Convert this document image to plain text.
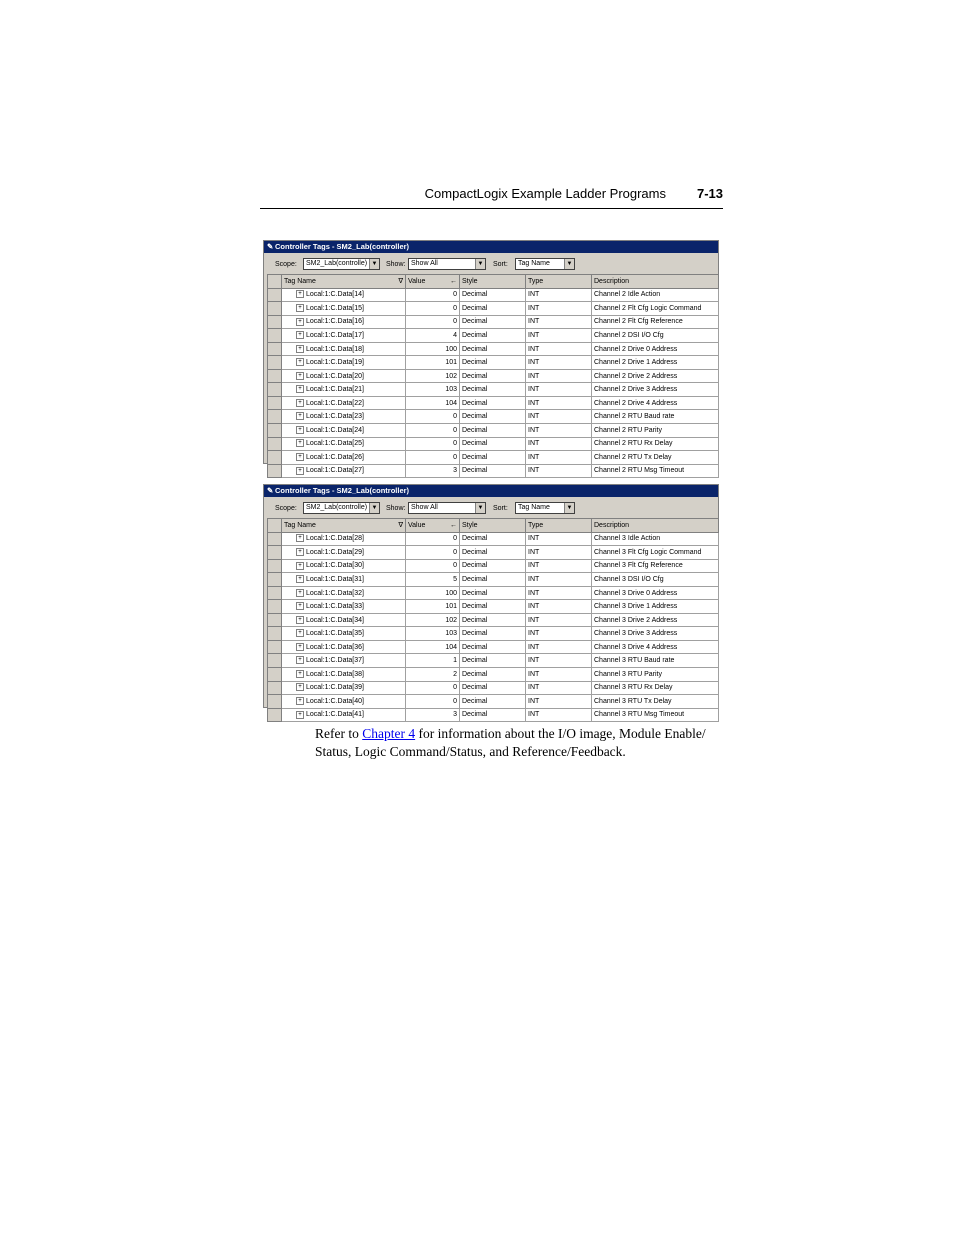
CompactLogix Example Ladder Programs 7-13
✎ Controller Tags - SM2_Lab(controller)
Scope:	SM2_Lab(controlle) ▼ Show: Show All	▼ Sort:	Tag Name	▼
	Tag Name ∇	Value ←	Style	Type	Description
	+ Local:1:C.Data[14]	0	Decimal	INT	Channel 2 Idle Action
	+ Local:1:C.Data[15]	0	Decimal	INT	Channel 2 Flt Cfg Logic Command
	+ Local:1:C.Data[16]	0	Decimal	INT	Channel 2 Flt Cfg Reference
	+ Local:1:C.Data[17]	4	Decimal	INT	Channel 2 DSI I/O Cfg
	+ Local:1:C.Data[18]	100	Decimal	INT	Channel 2 Drive 0 Address
	+ Local:1:C.Data[19]	101	Decimal	INT	Channel 2 Drive 1 Address
	+ Local:1:C.Data[20]	102	Decimal	INT	Channel 2 Drive 2 Address
	+ Local:1:C.Data[21]	103	Decimal	INT	Channel 2 Drive 3 Address
	+ Local:1:C.Data[22]	104	Decimal	INT	Channel 2 Drive 4 Address
	+ Local:1:C.Data[23]	0	Decimal	INT	Channel 2 RTU Baud rate
	+ Local:1:C.Data[24]	0	Decimal	INT	Channel 2 RTU Parity
	+ Local:1:C.Data[25]	0	Decimal	INT	Channel 2 RTU Rx Delay
	+ Local:1:C.Data[26]	0	Decimal	INT	Channel 2 RTU Tx Delay
	+ Local:1:C.Data[27]	3	Decimal	INT	Channel 2 RTU Msg Timeout
✎ Controller Tags - SM2_Lab(controller)
Scope:	SM2_Lab(controlle) ▼ Show: Show All	▼ Sort:	Tag Name	▼
	Tag Name ∇	Value ←	Style	Type	Description
	+ Local:1:C.Data[28]	0	Decimal	INT	Channel 3 Idle Action
	+ Local:1:C.Data[29]	0	Decimal	INT	Channel 3 Flt Cfg Logic Command
	+ Local:1:C.Data[30]	0	Decimal	INT	Channel 3 Flt Cfg Reference
	+ Local:1:C.Data[31]	5	Decimal	INT	Channel 3 DSI I/O Cfg
	+ Local:1:C.Data[32]	100	Decimal	INT	Channel 3 Drive 0 Address
	+ Local:1:C.Data[33]	101	Decimal	INT	Channel 3 Drive 1 Address
	+ Local:1:C.Data[34]	102	Decimal	INT	Channel 3 Drive 2 Address
	+ Local:1:C.Data[35]	103	Decimal	INT	Channel 3 Drive 3 Address
	+ Local:1:C.Data[36]	104	Decimal	INT	Channel 3 Drive 4 Address
	+ Local:1:C.Data[37]	1	Decimal	INT	Channel 3 RTU Baud rate
	+ Local:1:C.Data[38]	2	Decimal	INT	Channel 3 RTU Parity
	+ Local:1:C.Data[39]	0	Decimal	INT	Channel 3 RTU Rx Delay
	+ Local:1:C.Data[40]	0	Decimal	INT	Channel 3 RTU Tx Delay
	+ Local:1:C.Data[41]	3	Decimal	INT	Channel 3 RTU Msg Timeout
Refer to Chapter 4 for information about the I/O image, Module Enable/ Status, Logic Command/Status, and Reference/Feedback.
